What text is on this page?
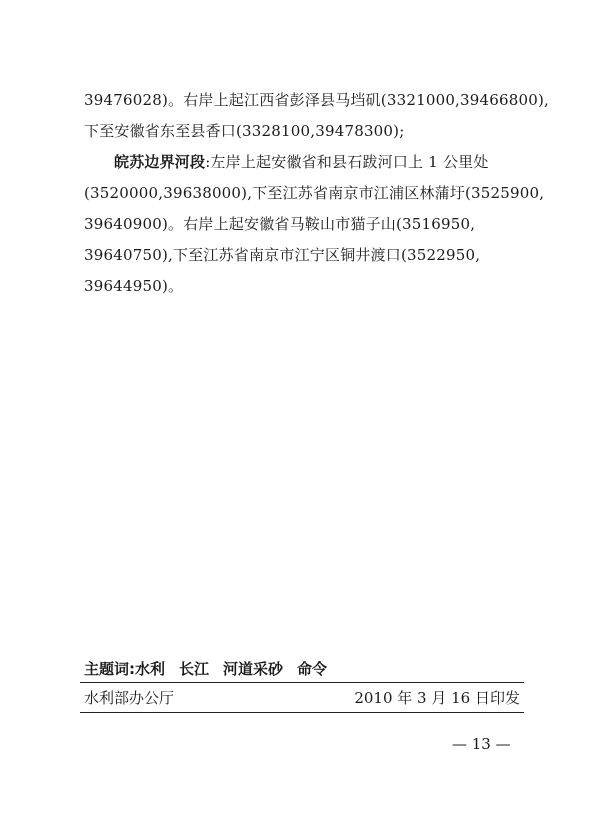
39476028)。右岸上起江西省彭泽县马垱矶(3321000,39466800),
下至安徽省东至县香口(3328100,39478300);
皖苏边界河段:左岸上起安徽省和县石跋河口上 1 公里处
(3520000,39638000),下至江苏省南京市江浦区林蒲圩(3525900,
39640900)。右岸上起安徽省马鞍山市猫子山(3516950,
39640750),下至江苏省南京市江宁区铜井渡口(3522950,
39644950)。
主题词:水利 长江 河道采砂 命令
水利部办公厅	2010 年 3 月 16 日印发
— 13 —
